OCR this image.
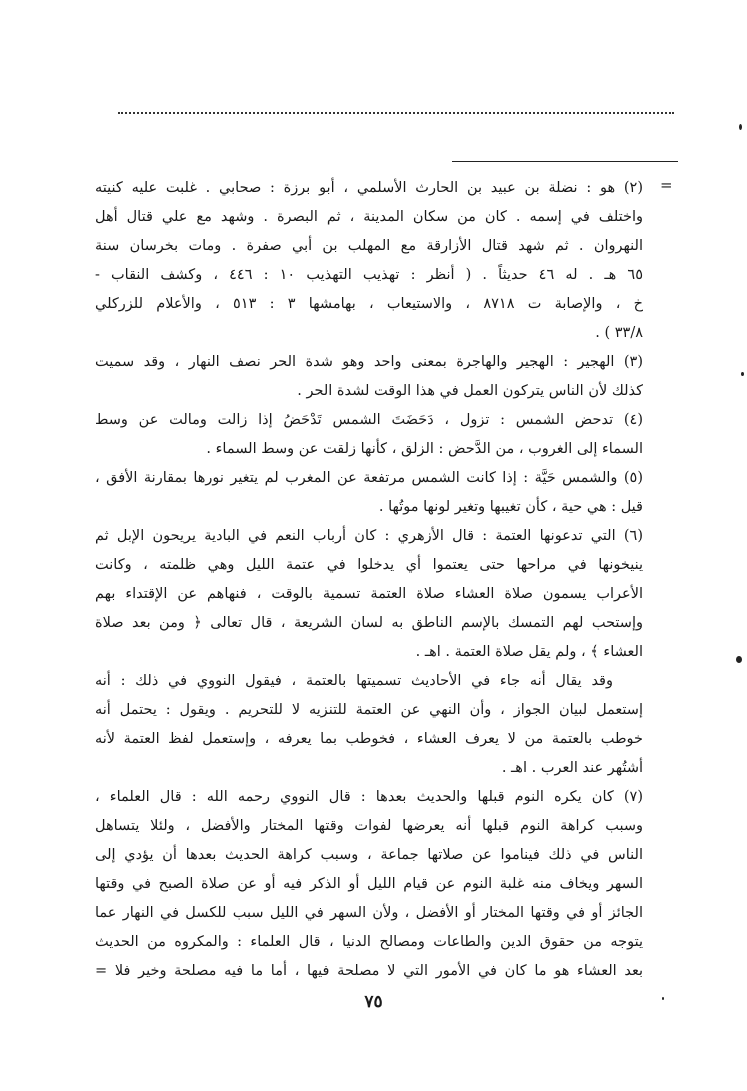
=
(٢) هو : نضلة بن عبيد بن الحارث الأسلمي ، أبو برزة : صحابي . غلبت عليه كنيته
واختلف في إسمه . كان من سكان المدينة ، ثم البصرة . وشهد مع علي قتال أهل
النهروان . ثم شهد قتال الأزارقة مع المهلب بن أبي صفرة . ومات بخرسان سنة
٦٥ هـ . له ٤٦ حديثاً . ( أنظر : تهذيب التهذيب ١٠ : ٤٤٦ ، وكشف النقاب -
خ ، والإصابة ت ٨٧١٨ ، والاستيعاب ، بهامشها ٣ : ٥١٣ ، والأعلام للزركلي
٣٣/٨ ) .
(٣) الهجير : الهجير والهاجرة بمعنى واحد وهو شدة الحر نصف النهار ، وقد سميت
كذلك لأن الناس يتركون العمل في هذا الوقت لشدة الحر .
(٤) تدحض الشمس : تزول ، دَحَضَتَ الشمس تَدْحَضُ إذا زالت ومالت عن وسط
السماء إلى الغروب ، من الدَّحض : الزلق ، كأنها زلقت عن وسط السماء .
(٥) والشمس حَيَّة : إذا كانت الشمس مرتفعة عن المغرب لم يتغير نورها بمقارنة الأفق ،
قيل : هي حية ، كأن تغيبها وتغير لونها موتُها .
(٦) التي تدعونها العتمة : قال الأزهري : كان أرباب النعم في البادية يريحون الإبل ثم
ينيخونها في مراحها حتى يعتموا أي يدخلوا في عتمة الليل وهي ظلمته ، وكانت
الأعراب يسمون صلاة العشاء صلاة العتمة تسمية بالوقت ، فنهاهم عن الإقتداء بهم
وإستحب لهم التمسك بالإسم الناطق به لسان الشريعة ، قال تعالى ﴿ ومن بعد صلاة
العشاء ﴾ ، ولم يقل صلاة العتمة . اهـ .
وقد يقال أنه جاء في الأحاديث تسميتها بالعتمة ، فيقول النووي في ذلك : أنه
إستعمل لبيان الجواز ، وأن النهي عن العتمة للتنزيه لا للتحريم . ويقول : يحتمل أنه
خوطب بالعتمة من لا يعرف العشاء ، فخوطب بما يعرفه ، وإستعمل لفظ العتمة لأنه
أشتُهر عند العرب . اهـ .
(٧) كان يكره النوم قبلها والحديث بعدها : قال النووي رحمه الله : قال العلماء ،
وسبب كراهة النوم قبلها أنه يعرضها لفوات وقتها المختار والأفضل ، ولئلا يتساهل
الناس في ذلك فيناموا عن صلاتها جماعة ، وسبب كراهة الحديث بعدها أن يؤدي إلى
السهر ويخاف منه غلبة النوم عن قيام الليل أو الذكر فيه أو عن صلاة الصبح في وقتها
الجائز أو في وقتها المختار أو الأفضل ، ولأن السهر في الليل سبب للكسل في النهار عما
يتوجه من حقوق الدين والطاعات ومصالح الدنيا ، قال العلماء : والمكروه من الحديث
بعد العشاء هو ما كان في الأمور التي لا مصلحة فيها ، أما ما فيه مصلحة وخير فلا =
٧٥
